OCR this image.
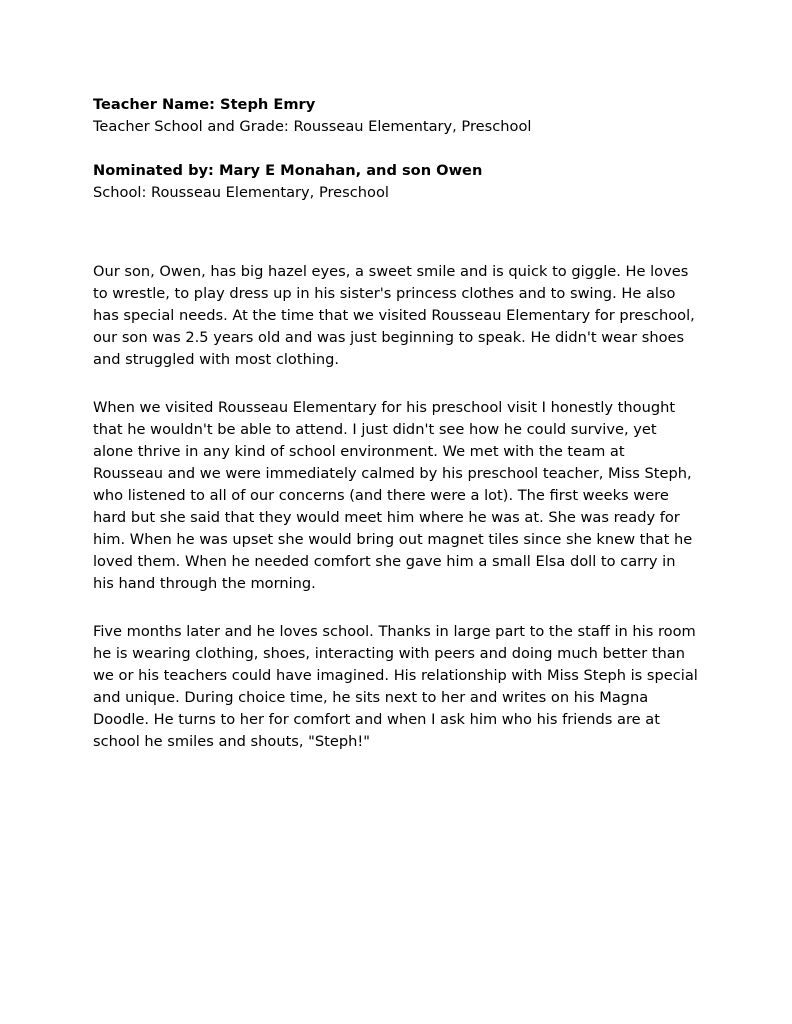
Teacher Name: Steph Emry
Teacher School and Grade: Rousseau Elementary, Preschool
Nominated by: Mary E Monahan, and son Owen
School: Rousseau Elementary, Preschool
Our son, Owen, has big hazel eyes, a sweet smile and is quick to giggle. He loves
to wrestle, to play dress up in his sister's princess clothes and to swing. He also
has special needs. At the time that we visited Rousseau Elementary for preschool,
our son was 2.5 years old and was just beginning to speak. He didn't wear shoes
and struggled with most clothing.
When we visited Rousseau Elementary for his preschool visit I honestly thought
that he wouldn't be able to attend. I just didn't see how he could survive, yet
alone thrive in any kind of school environment. We met with the team at
Rousseau and we were immediately calmed by his preschool teacher, Miss Steph,
who listened to all of our concerns (and there were a lot). The first weeks were
hard but she said that they would meet him where he was at. She was ready for
him. When he was upset she would bring out magnet tiles since she knew that he
loved them. When he needed comfort she gave him a small Elsa doll to carry in
his hand through the morning.
Five months later and he loves school. Thanks in large part to the staff in his room
he is wearing clothing, shoes, interacting with peers and doing much better than
we or his teachers could have imagined. His relationship with Miss Steph is special
and unique. During choice time, he sits next to her and writes on his Magna
Doodle. He turns to her for comfort and when I ask him who his friends are at
school he smiles and shouts, "Steph!"
